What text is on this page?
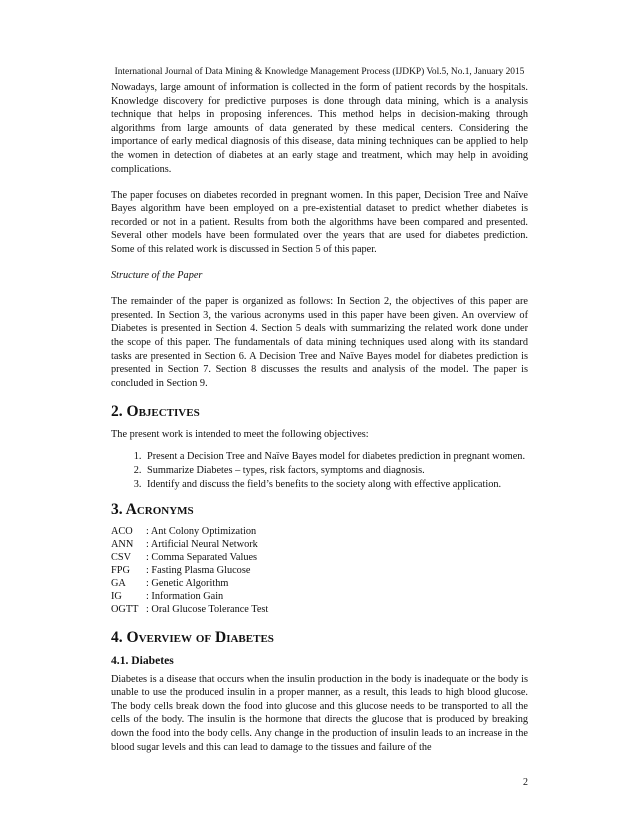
International Journal of Data Mining & Knowledge Management Process (IJDKP) Vol.5, No.1, January 2015

Nowadays, large amount of information is collected in the form of patient records by the hospitals. Knowledge discovery for predictive purposes is done through data mining, which is a analysis technique that helps in proposing inferences. This method helps in decision-making through algorithms from large amounts of data generated by these medical centers. Considering the importance of early medical diagnosis of this disease, data mining techniques can be applied to help the women in detection of diabetes at an early stage and treatment, which may help in avoiding complications.

The paper focuses on diabetes recorded in pregnant women. In this paper, Decision Tree and Naïve Bayes algorithm have been employed on a pre-existential dataset to predict whether diabetes is recorded or not in a patient. Results from both the algorithms have been compared and presented. Several other models have been formulated over the years that are used for diabetes prediction. Some of this related work is discussed in Section 5 of this paper.

Structure of the Paper

The remainder of the paper is organized as follows: In Section 2, the objectives of this paper are presented. In Section 3, the various acronyms used in this paper have been given. An overview of Diabetes is presented in Section 4. Section 5 deals with summarizing the related work done under the scope of this paper. The fundamentals of data mining techniques used along with its standard tasks are presented in Section 6. A Decision Tree and Naïve Bayes model for diabetes prediction is presented in Section 7. Section 8 discusses the results and analysis of the model. The paper is concluded in Section 9.

2. Objectives

The present work is intended to meet the following objectives:

1. Present a Decision Tree and Naïve Bayes model for diabetes prediction in pregnant women.
2. Summarize Diabetes – types, risk factors, symptoms and diagnosis.
3. Identify and discuss the field’s benefits to the society along with effective application.
3. Acronyms
ACO	: Ant Colony Optimization
ANN	: Artificial Neural Network
CSV	: Comma Separated Values
FPG	: Fasting Plasma Glucose
GA	: Genetic Algorithm
IG	: Information Gain
OGTT : Oral Glucose Tolerance Test
4. Overview of Diabetes
4.1. Diabetes

Diabetes is a disease that occurs when the insulin production in the body is inadequate or the body is unable to use the produced insulin in a proper manner, as a result, this leads to high blood glucose. The body cells break down the food into glucose and this glucose needs to be transported to all the cells of the body. The insulin is the hormone that directs the glucose that is produced by breaking down the food into the body cells. Any change in the production of insulin leads to an increase in the blood sugar levels and this can lead to damage to the tissues and failure of the

2
